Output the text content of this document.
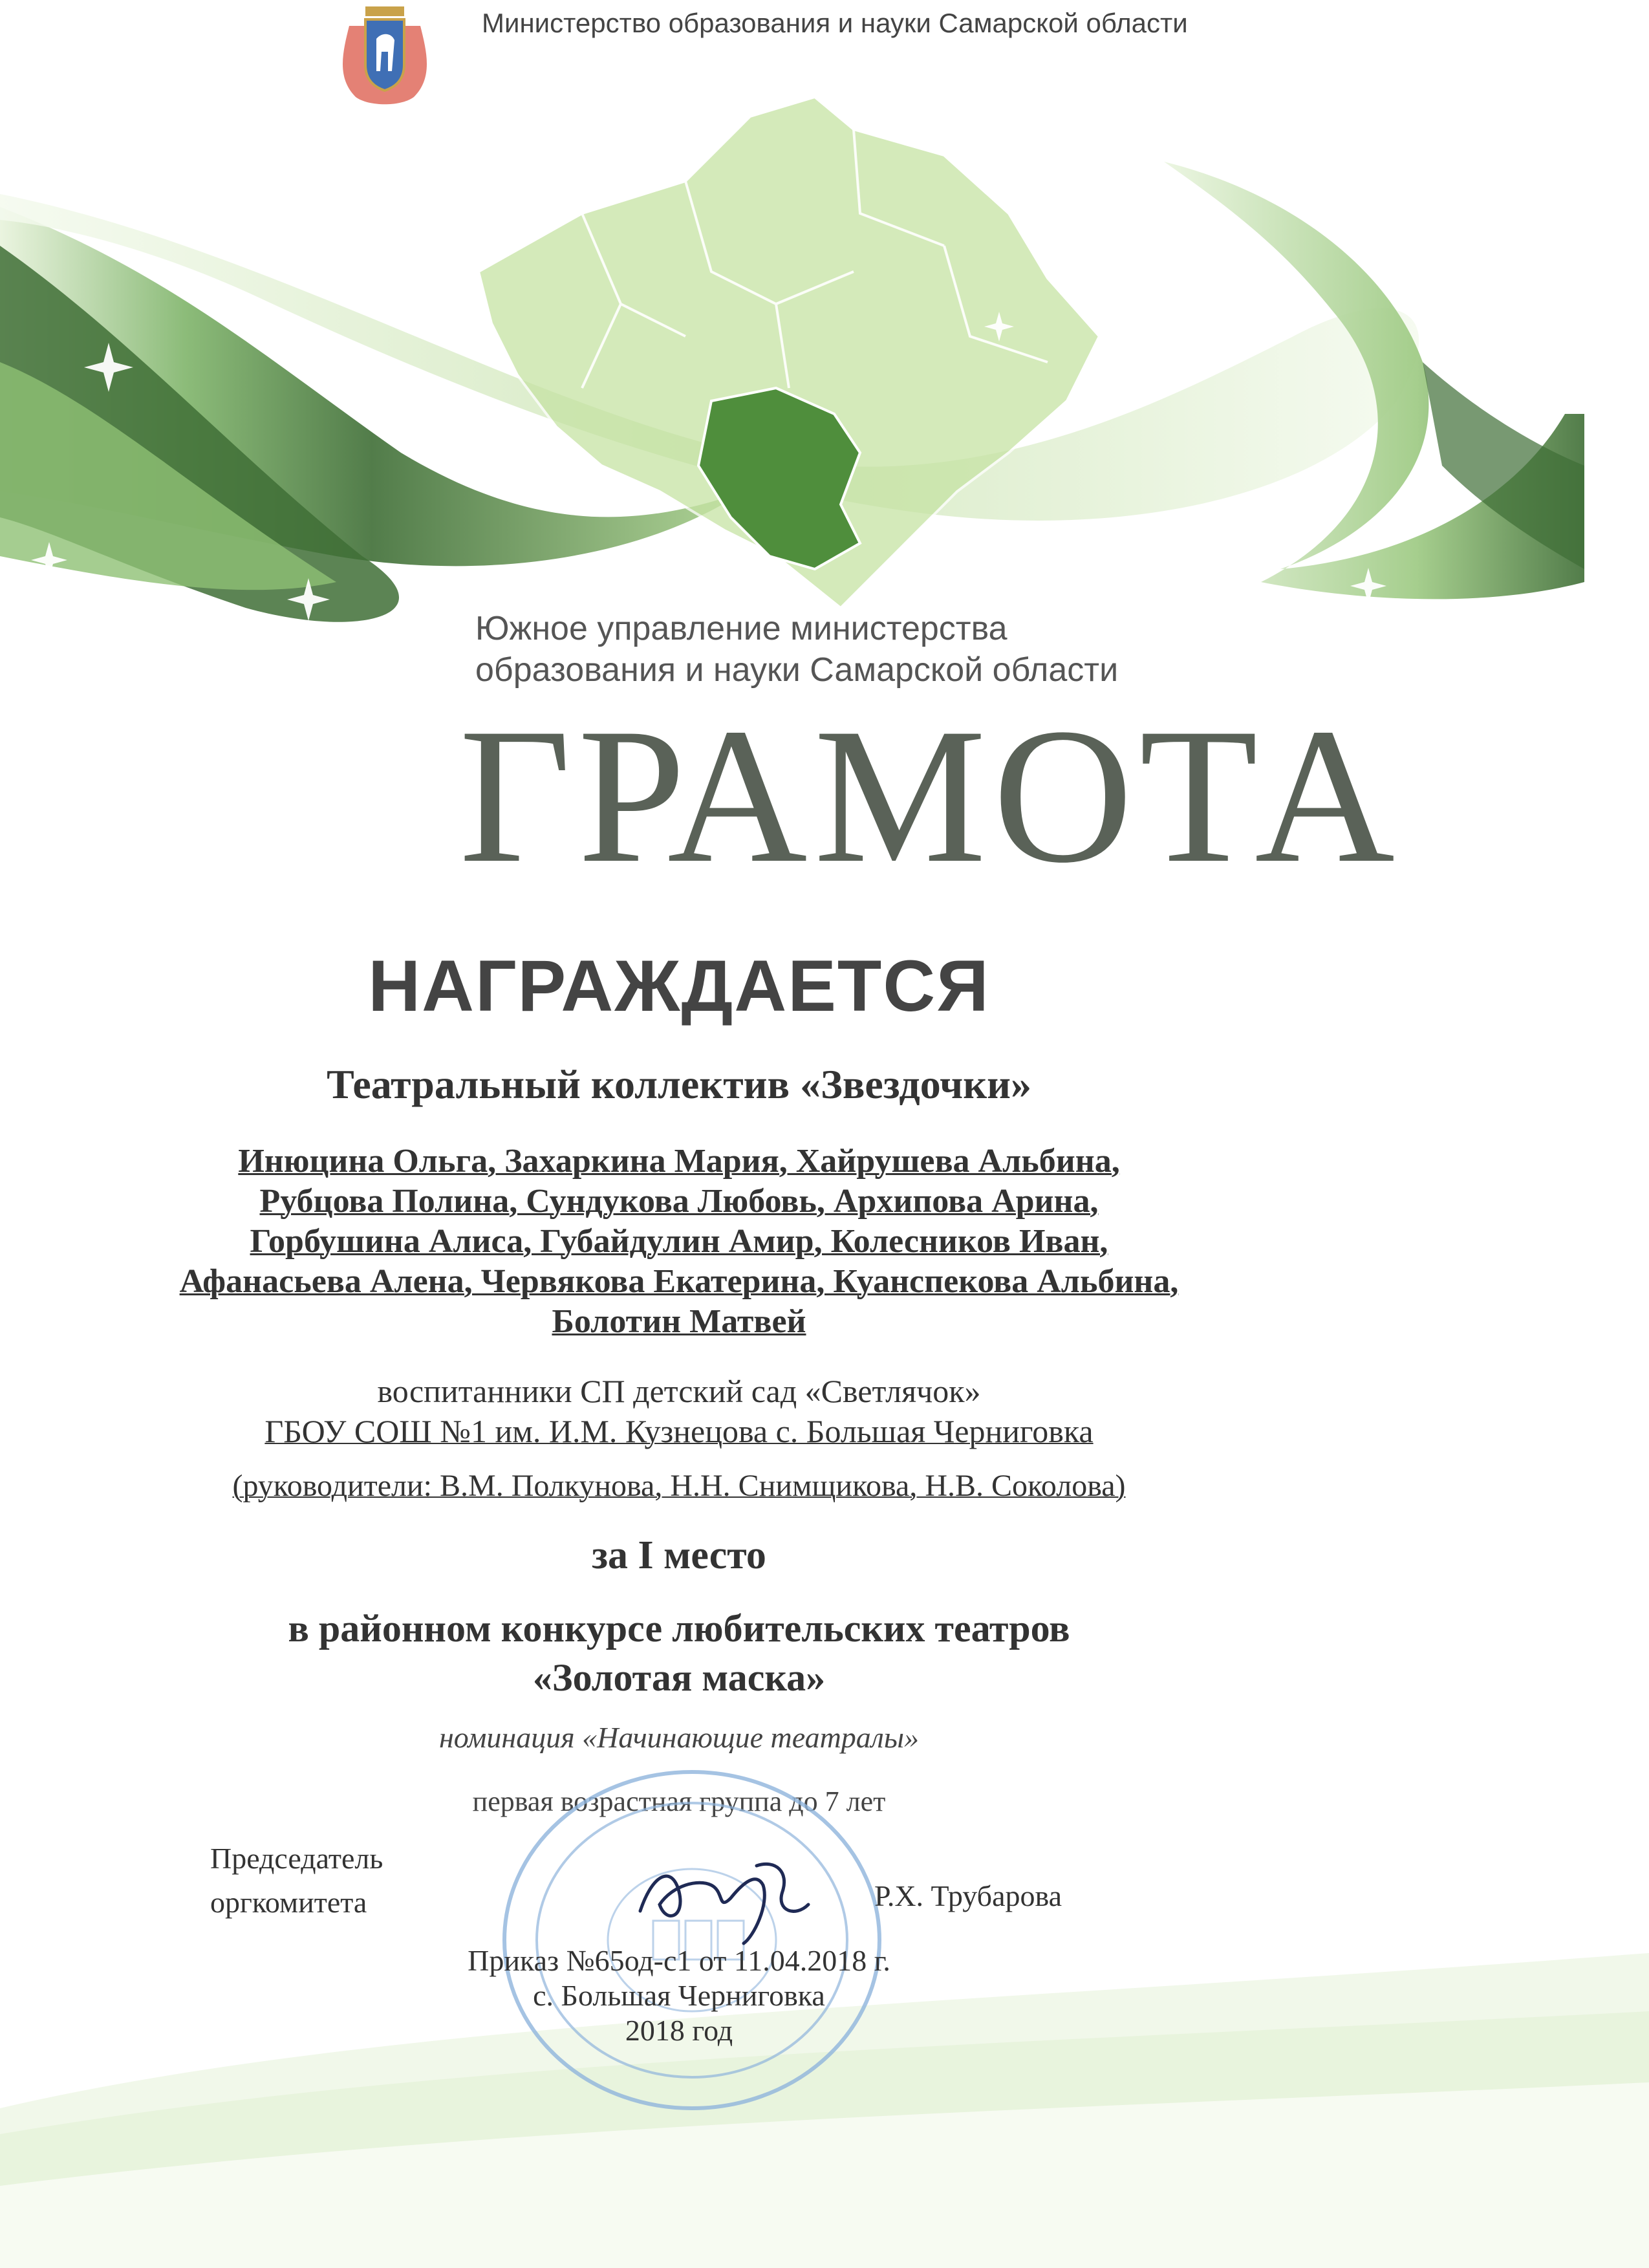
Министерство образования и науки Самарской области
Южное управление министерства
образования и науки Самарской области
ГРАМОТА
НАГРАЖДАЕТСЯ
Театральный коллектив «Звездочки»
Инюцина Ольга, Захаркина Мария, Хайрушева Альбина,
Рубцова Полина, Сундукова Любовь, Архипова Арина,
Горбушина Алиса, Губайдулин Амир, Колесников Иван,
Афанасьева Алена, Червякова Екатерина, Куанспекова Альбина,
Болотин Матвей
воспитанники СП детский сад «Светлячок»
ГБОУ СОШ №1 им. И.М. Кузнецова с. Большая Черниговка
(руководители: В.М. Полкунова, Н.Н. Снимщикова, Н.В. Соколова)
за I место
в районном конкурсе любительских театров
«Золотая маска»
номинация «Начинающие театралы»
первая возрастная группа до 7 лет
Председатель
оргкомитета	Р.Х. Трубарова
Приказ №65од-с1 от 11.04.2018 г.
с. Большая Черниговка
2018 год
